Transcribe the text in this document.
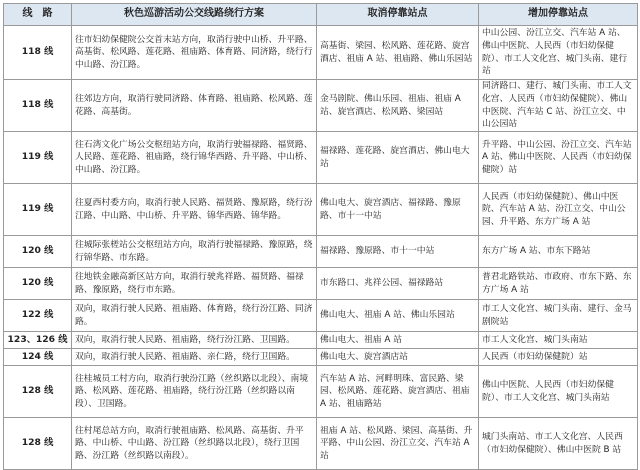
线　路	秋色巡游活动公交线路绕行方案	取消停靠站点	增加停靠站点
118 线	往市妇幼保健院公交首末站方向，取消行驶中山桥、升平路、高基街、松风路、莲花路、祖庙路、体育路、同济路，绕行行中山路、汾江路。	高基街、梁园、松风路、莲花路、旋宫酒店、祖庙 A 站、祖庙路、佛山乐园站	中山公园、汾江立交、汽车站 A 站、佛山中医院、人民西（市妇幼保健院）、市工人文化宫、城门头南、建行站
118 线	往郊边方向，取消行驶同济路、体育路、祖庙路、松风路、莲花路、高基街。	金马剧院、佛山乐园、祖庙、祖庙 A 站、旋宫酒店、松风路、梁园站	同济路口、建行、城门头南、市工人文化宫、人民西（市妇幼保健院）、佛山中医院、汽车站 C 站、汾江立交、中山公园站
119 线	往石湾文化广场公交枢纽站方向，取消行驶福禄路、福贤路、人民路、莲花路、祖庙路，绕行锦华西路、升平路、中山桥、中山路、汾江路。	福禄路、莲花路、旋宫酒店、佛山电大站	升平路、中山公园、汾江立交、汽车站 A 站、佛山中医院、人民西（市妇幼保健院）站
119 线	往夏西村委方向，取消行驶人民路、福贤路、豫原路，绕行汾江路、中山路、中山桥、升平路、锦华西路、锦华路。	佛山电大、旋宫酒店、福禄路、豫原路、市十一中站	人民西（市妇幼保健院）、佛山中医院、汽车站 A 站、汾江立交、中山公园、升平路、东方广场 A 站
120 线	往城际张槎站公交枢纽站方向，取消行驶福禄路、豫原路，绕行锦华路、市东路。	福禄路、豫原路、市十一中站	东方广场 A 站、市东下路站
120 线	往地铁金融高新区站方向，取消行驶兆祥路、福贤路、福禄路、豫原路，绕行市东路。	市东路口、兆祥公园、福禄路站	普君北路铁站、市政府、市东下路、东方广场 A 站
122 线	双向，取消行驶人民路、祖庙路、体育路，绕行汾江路、同济路。	佛山电大、祖庙 A 站、佛山乐园站	市工人文化宫、城门头南、建行、金马剧院站
123、126 线	双向，取消行驶人民路、祖庙路，绕行汾江路、卫国路。	佛山电大、祖庙 A 站	市工人文化宫、城门头南站
124 线	双向，取消行驶人民路、祖庙路、亲仁路，绕行卫国路。	佛山电大、旋宫酒店站	人民西（市妇幼保健院）站
128 线	往桂城员工村方向，取消行驶汾江路（丝织路以北段）、南境路、松风路、莲花路、祖庙路，绕行汾江路（丝织路以南段）、卫国路。	汽车站 A 站、河畔明珠、富民路、梁园、松风路、莲花路、旋宫酒店、祖庙 A 站、祖庙路站	佛山中医院、人民西（市妇幼保健院）、市工人文化宫、城门头南站
128 线	往村尾总站方向，取消行驶祖庙路、松风路、高基街、升平路、中山桥、中山路、汾江路（丝织路以北段），绕行卫国路、汾江路（丝织路以南段）。	祖庙 A 站、松风路、梁园、高基街、升平路、中山公园、汾江立交、汽车站 A 站	城门头南站、市工人文化宫、人民西（市妇幼保健院）、佛山中医院 B 站
